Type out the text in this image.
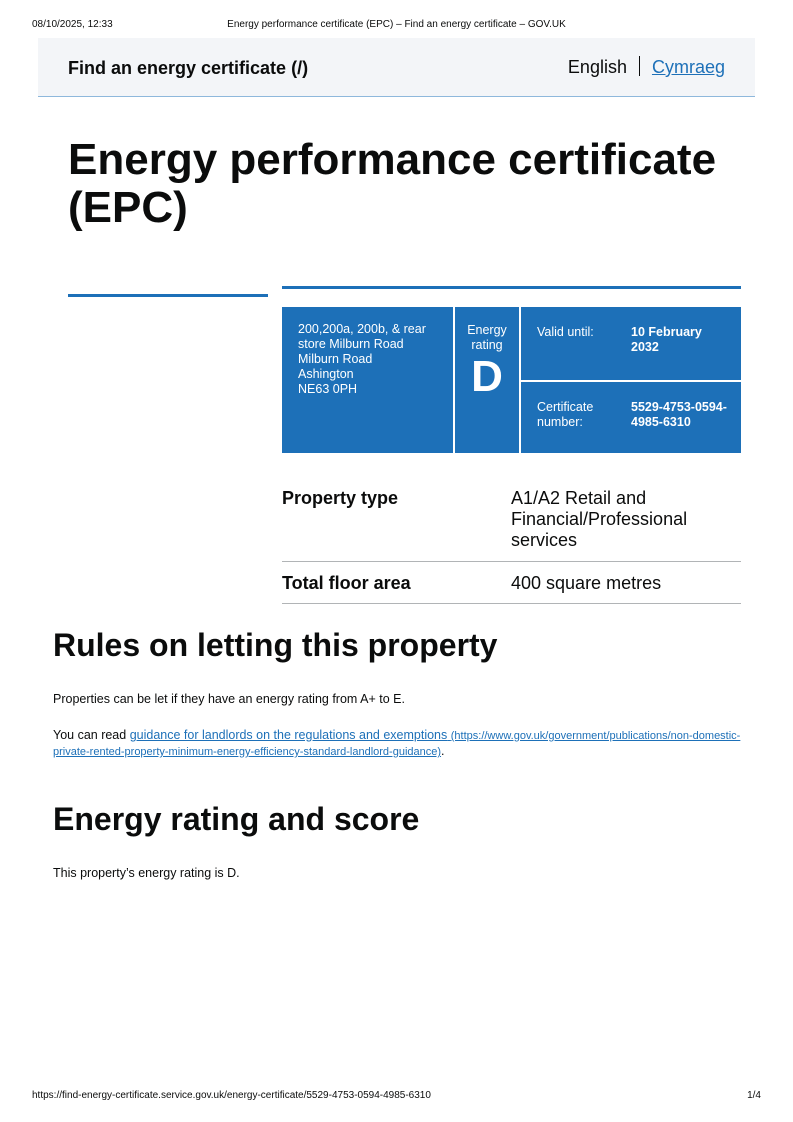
08/10/2025, 12:33	Energy performance certificate (EPC) – Find an energy certificate – GOV.UK
Find an energy certificate (/)	English Cymraeg
Energy performance certificate (EPC)
200,200a, 200b, & rear store Milburn Road
Milburn Road
Ashington
NE63 0PH
Energy
rating
D
Valid until:	10 February 2032
Certificate number:
5529-4753-0594-4985-6310
Property type	A1/A2 Retail and Financial/Professional services
Total floor area	400 square metres
Rules on letting this property

Properties can be let if they have an energy rating from A+ to E.

You can read guidance for landlords on the regulations and exemptions (https://www.gov.uk/government/publications/non-domestic-private-rented-property-minimum-energy-efficiency-standard-landlord-guidance).

Energy rating and score

This property’s energy rating is D.

https://find-energy-certificate.service.gov.uk/energy-certificate/5529-4753-0594-4985-6310	1/4
